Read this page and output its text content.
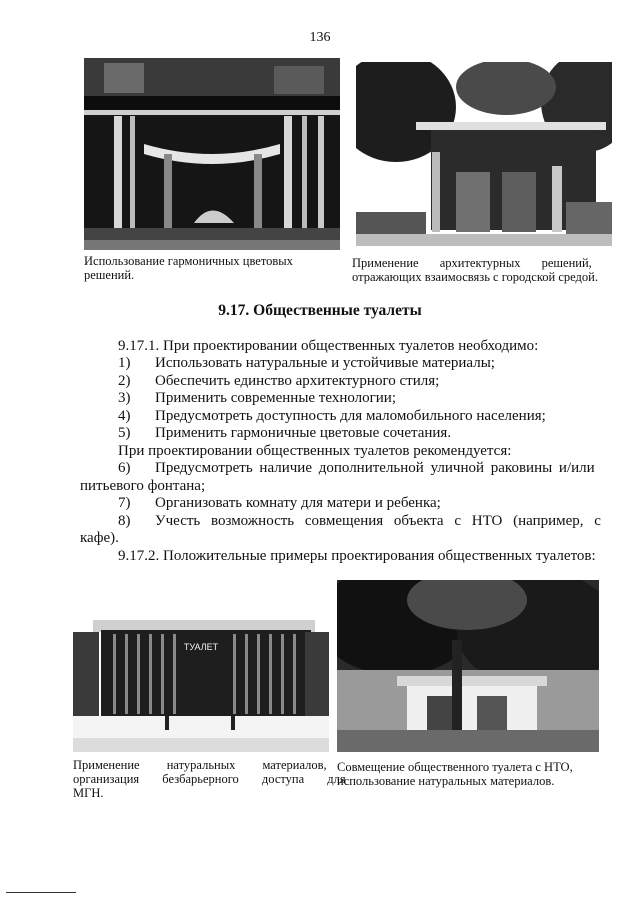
136
Использование гармоничных цветовых
решений.
Применение архитектурных решений,
отражающих взаимосвязь с городской средой.
9.17. Общественные туалеты
9.17.1. При проектировании общественных туалетов необходимо:
1) Использовать натуральные и устойчивые материалы;
2) Обеспечить единство архитектурного стиля;
3) Применить современные технологии;
4) Предусмотреть доступность для маломобильного населения;
5) Применить гармоничные цветовые сочетания.
При проектировании общественных туалетов рекомендуется:
6) Предусмотреть наличие дополнительной уличной раковины и/или
питьевого фонтана;
7) Организовать комнату для матери и ребенка;
8) Учесть возможность совмещения объекта с НТО (например, с
кафе).
9.17.2. Положительные примеры проектирования общественных туалетов:
ТУАЛЕТ
Применение натуральных материалов,
организация безбарьерного доступа для
МГН.
Совмещение общественного туалета с НТО,
использование натуральных материалов.
